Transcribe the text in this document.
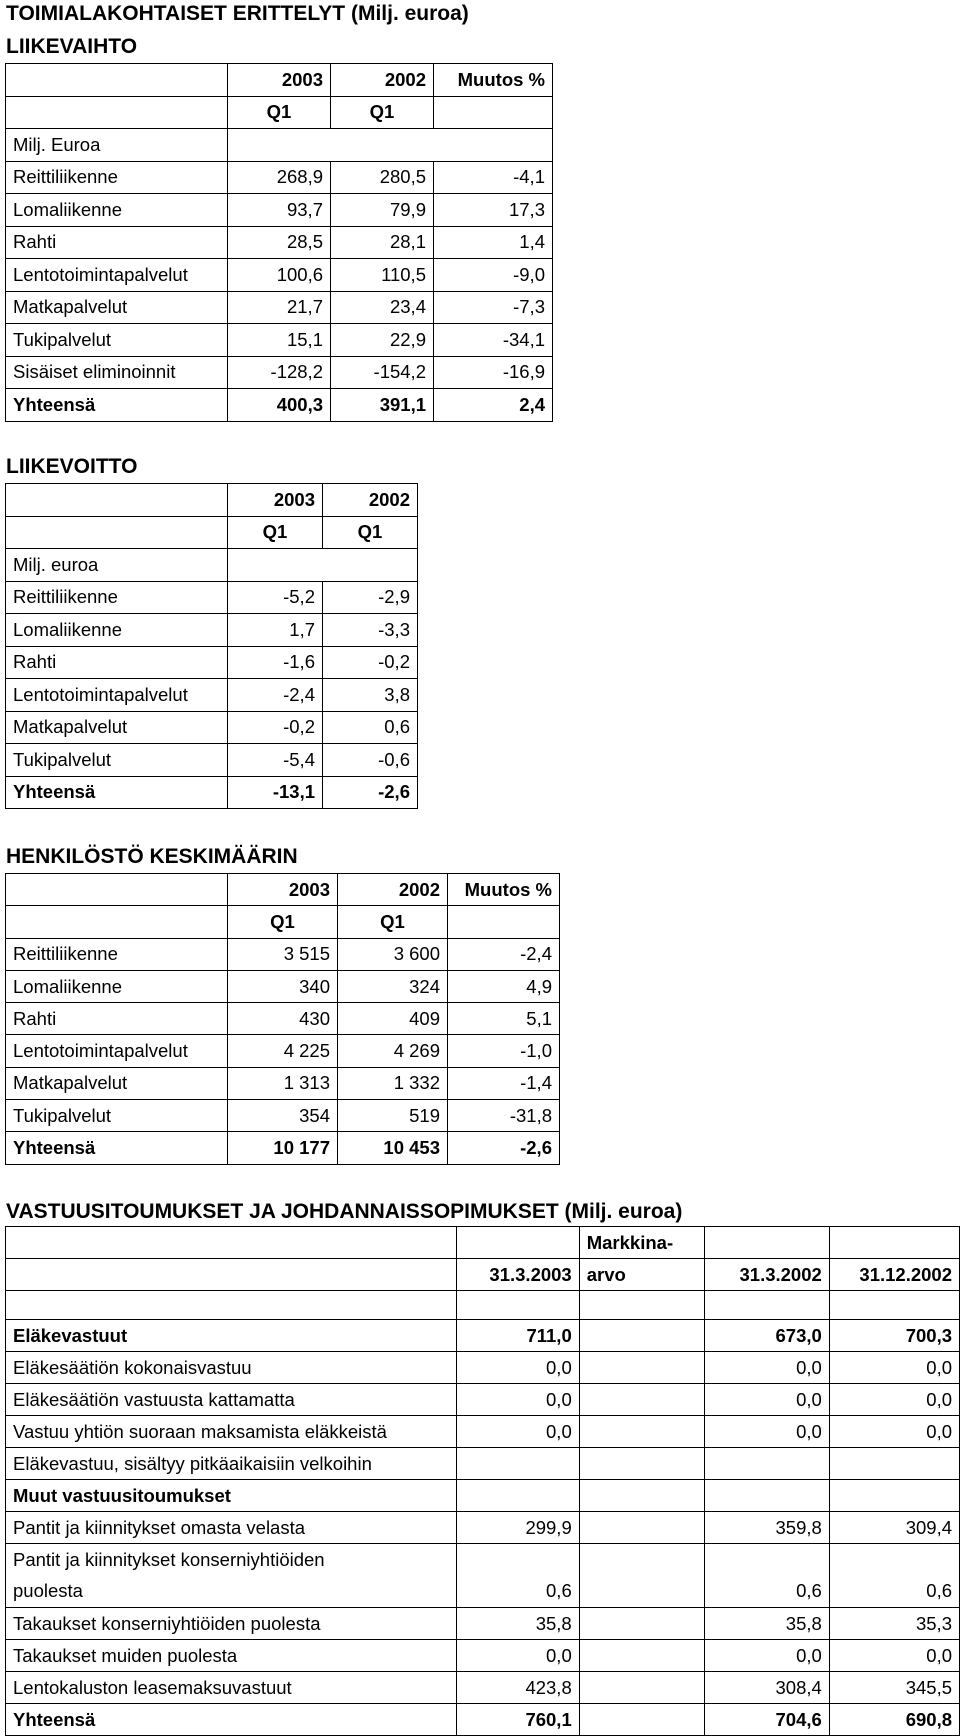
TOIMIALAKOHTAISET ERITTELYT (Milj. euroa)
LIIKEVAIHTO
	2003	2002	Muutos %
	Q1	Q1	
Milj. Euroa			
Reittiliikenne	268,9	280,5	-4,1
Lomaliikenne	93,7	79,9	17,3
Rahti	28,5	28,1	1,4
Lentotoimintapalvelut	100,6	110,5	-9,0
Matkapalvelut	21,7	23,4	-7,3
Tukipalvelut	15,1	22,9	-34,1
Sisäiset eliminoinnit	-128,2	-154,2	-16,9
Yhteensä	400,3	391,1	2,4
LIIKEVOITTO
	2003	2002
	Q1	Q1
Milj. euroa		
Reittiliikenne	-5,2	-2,9
Lomaliikenne	1,7	-3,3
Rahti	-1,6	-0,2
Lentotoimintapalvelut	-2,4	3,8
Matkapalvelut	-0,2	0,6
Tukipalvelut	-5,4	-0,6
Yhteensä	-13,1	-2,6
HENKILÖSTÖ KESKIMÄÄRIN
	2003	2002	Muutos %
	Q1	Q1	
Reittiliikenne	3 515	3 600	-2,4
Lomaliikenne	340	324	4,9
Rahti	430	409	5,1
Lentotoimintapalvelut	4 225	4 269	-1,0
Matkapalvelut	1 313	1 332	-1,4
Tukipalvelut	354	519	-31,8
Yhteensä	10 177	10 453	-2,6
VASTUUSITOUMUKSET JA JOHDANNAISSOPIMUKSET (Milj. euroa)
		Markkina-		
	31.3.2003	arvo	31.3.2002	31.12.2002

Eläkevastuut	711,0		673,0	700,3
Eläkesäätiön kokonaisvastuu	0,0		0,0	0,0
Eläkesäätiön vastuusta kattamatta	0,0		0,0	0,0
Vastuu yhtiön suoraan maksamista eläkkeistä	0,0		0,0	0,0
Eläkevastuu, sisältyy pitkäaikaisiin velkoihin				
Muut vastuusitoumukset				
Pantit ja kiinnitykset omasta velasta	299,9		359,8	309,4
Pantit ja kiinnitykset konserniyhtiöiden				
puolesta	0,6		0,6	0,6
Takaukset konserniyhtiöiden puolesta	35,8		35,8	35,3
Takaukset muiden puolesta	0,0		0,0	0,0
Lentokaluston leasemaksuvastuut	423,8		308,4	345,5
Yhteensä	760,1		704,6	690,8
